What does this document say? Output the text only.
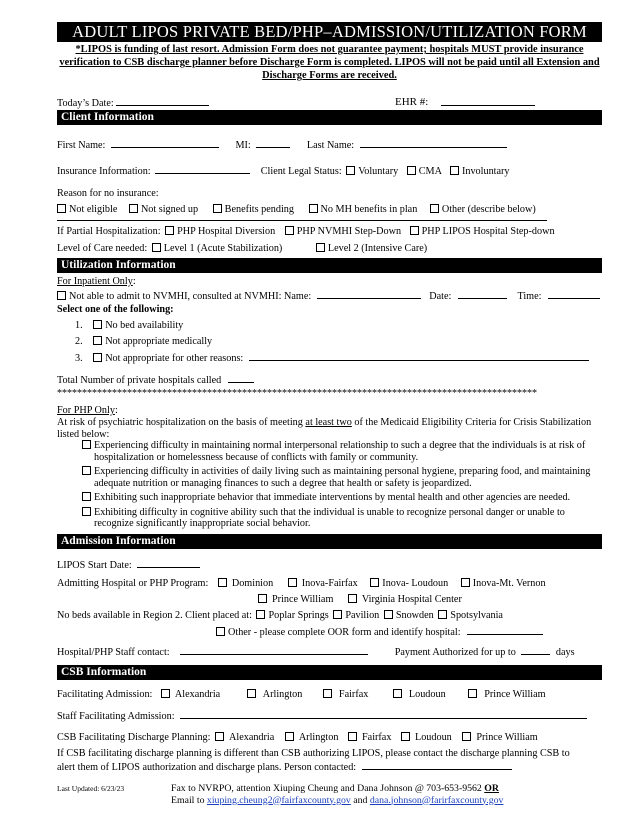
ADULT LIPOS PRIVATE BED/PHP–ADMISSION/UTILIZATION FORM
*LIPOS is funding of last resort. Admission Form does not guarantee payment; hospitals MUST provide insurance verification to CSB discharge planner before Discharge Form is completed. LIPOS will not be paid until all Extension and Discharge Forms are received.
Today’s Date:	EHR #:
Client Information
First Name:	MI:	Last Name:
Insurance Information:	Client Legal Status: Voluntary CMA Involuntary
Reason for no insurance:
Not eligible Not signed up	Benefits pending	No MH benefits in plan Other (describe below)
If Partial Hospitalization: PHP Hospital Diversion PHP NVMHI Step-Down PHP LIPOS Hospital Step-down
Level of Care needed: Level 1 (Acute Stabilization)	Level 2 (Intensive Care)
Utilization Information
For Inpatient Only:
Not able to admit to NVMHI, consulted at NVMHI: Name:	Date:	Time:
Select one of the following:
1. No bed availability
2. Not appropriate medically
3. Not appropriate for other reasons:
Total Number of private hospitals called
************************************************************************************************
For PHP Only:
At risk of psychiatric hospitalization on the basis of meeting at least two of the Medicaid Eligibility Criteria for Crisis Stabilization listed below:
Experiencing difficulty in maintaining normal interpersonal relationship to such a degree that the individuals is at risk of hospitalization or homelessness because of conflicts with family or community.
Experiencing difficulty in activities of daily living such as maintaining personal hygiene, preparing food, and maintaining adequate nutrition or managing finances to such a degree that health or safety is jeopardized.
Exhibiting such inappropriate behavior that immediate interventions by mental health and other agencies are needed.
Exhibiting difficulty in cognitive ability such that the individual is unable to recognize personal danger or unable to recognize significantly inappropriate social behavior.
Admission Information
LIPOS Start Date:
Admitting Hospital or PHP Program: Dominion	Inova-Fairfax Inova- Loudoun Inova-Mt. Vernon
Prince William	Virginia Hospital Center
No beds available in Region 2. Client placed at: Poplar Springs Pavilion Snowden Spotsylvania
Other - please complete OOR form and identify hospital:
Hospital/PHP Staff contact:	Payment Authorized for up to	days
CSB Information
Facilitating Admission: Alexandria	Arlington	Fairfax	Loudoun	Prince William
Staff Facilitating Admission:
CSB Facilitating Discharge Planning: Alexandria Arlington Fairfax Loudoun Prince William
If CSB facilitating discharge planning is different than CSB authorizing LIPOS, please contact the discharge planning CSB to alert them of LIPOS authorization and discharge plans. Person contacted:
Last Updated: 6/23/23	Fax to NVRPO, attention Xiuping Cheung and Dana Johnson @ 703-653-9562 OR
Email to xiuping.cheung2@fairfaxcounty.gov and dana.johnson@farirfaxcounty.gov
